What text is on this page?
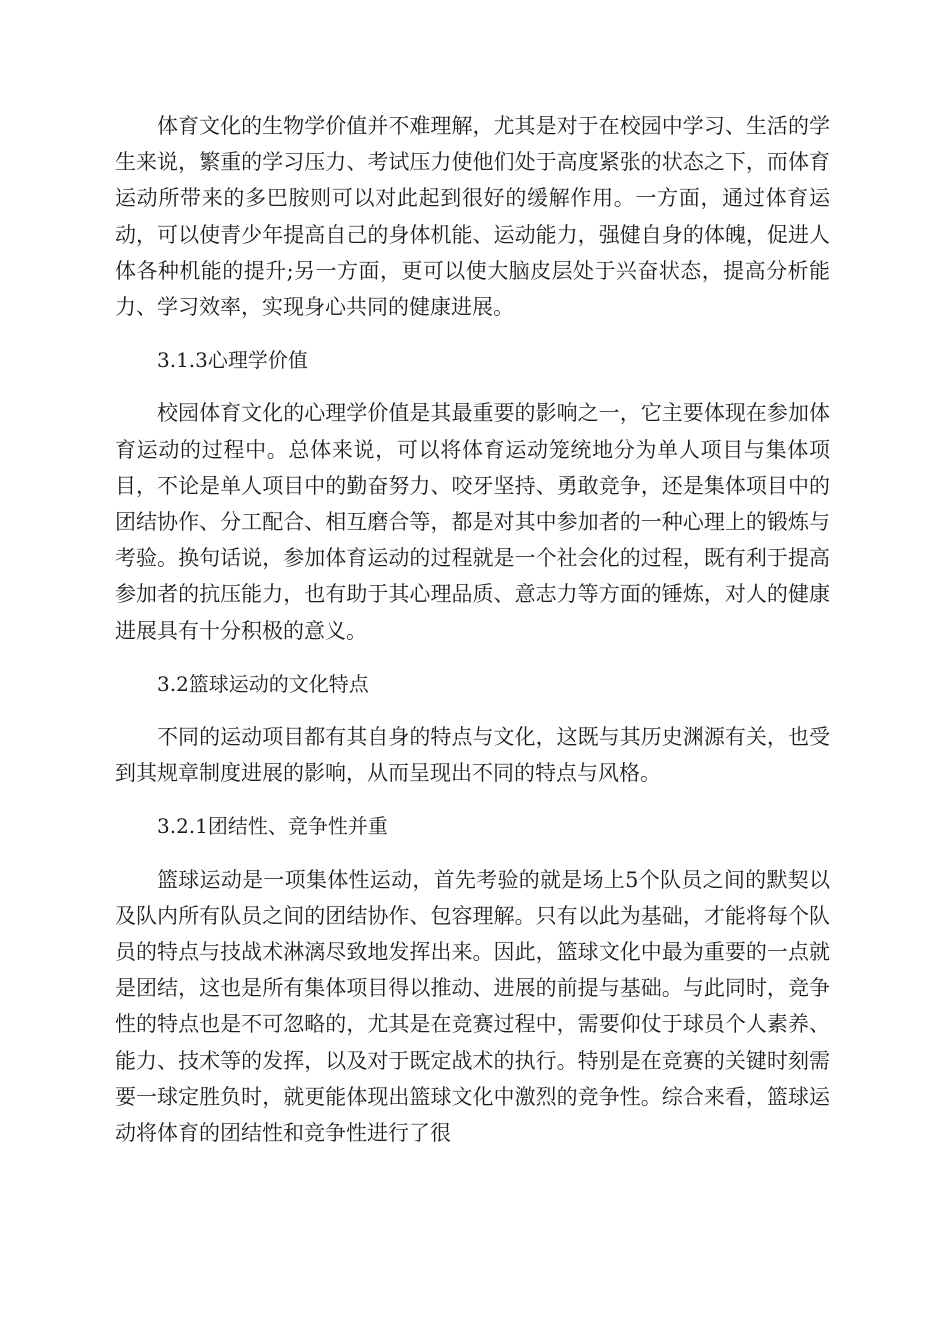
体育文化的生物学价值并不难理解，尤其是对于在校园中学习、生活的学生来说，繁重的学习压力、考试压力使他们处于高度紧张的状态之下，而体育运动所带来的多巴胺则可以对此起到很好的缓解作用。一方面，通过体育运动，可以使青少年提高自己的身体机能、运动能力，强健自身的体魄，促进人体各种机能的提升;另一方面，更可以使大脑皮层处于兴奋状态，提高分析能力、学习效率，实现身心共同的健康进展。

3.1.3心理学价值

校园体育文化的心理学价值是其最重要的影响之一，它主要体现在参加体育运动的过程中。总体来说，可以将体育运动笼统地分为单人项目与集体项目，不论是单人项目中的勤奋努力、咬牙坚持、勇敢竞争，还是集体项目中的团结协作、分工配合、相互磨合等，都是对其中参加者的一种心理上的锻炼与考验。换句话说，参加体育运动的过程就是一个社会化的过程，既有利于提高参加者的抗压能力，也有助于其心理品质、意志力等方面的锤炼，对人的健康进展具有十分积极的意义。

3.2篮球运动的文化特点

不同的运动项目都有其自身的特点与文化，这既与其历史渊源有关，也受到其规章制度进展的影响，从而呈现出不同的特点与风格。

3.2.1团结性、竞争性并重

篮球运动是一项集体性运动，首先考验的就是场上5个队员之间的默契以及队内所有队员之间的团结协作、包容理解。只有以此为基础，才能将每个队员的特点与技战术淋漓尽致地发挥出来。因此，篮球文化中最为重要的一点就是团结，这也是所有集体项目得以推动、进展的前提与基础。与此同时，竞争性的特点也是不可忽略的，尤其是在竞赛过程中，需要仰仗于球员个人素养、能力、技术等的发挥，以及对于既定战术的执行。特别是在竞赛的关键时刻需要一球定胜负时，就更能体现出篮球文化中激烈的竞争性。综合来看，篮球运动将体育的团结性和竞争性进行了很
